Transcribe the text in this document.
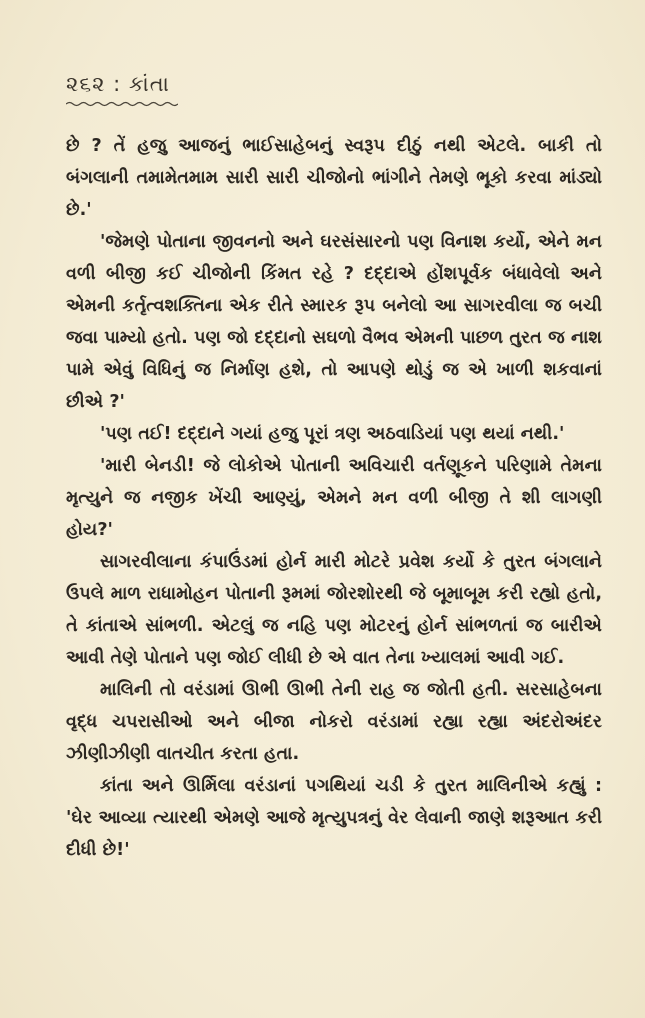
૨૬૨ : કાંતા

છે ? તેં હજુ આજનું ભાઈસાહેબનું સ્વરૂપ દીઠું નથી એટલે. બાકી તો બંગલાની તમામેતમામ સારી સારી ચીજોનો ભાંગીને તેમણે ભૂકો કરવા માંડ્યો છે.'

'જેમણે પોતાના જીવનનો અને ઘરસંસારનો પણ વિનાશ કર્યો, એને મન વળી બીજી કઈ ચીજોની કિંમત રહે ? દદ્દાએ હોંશપૂર્વક બંધાવેલો અને એમની કર્તૃત્વશક્તિના એક રીતે સ્મારક રૂપ બનેલો આ સાગરવીલા જ બચી જવા પામ્યો હતો. પણ જો દદ્દાનો સઘળો વૈભવ એમની પાછળ તુરત જ નાશ પામે એવું વિધિનું જ નિર્માણ હશે, તો આપણે થોડું જ એ ખાળી શકવાનાં છીએ ?'

'પણ તઈ! દદ્દાને ગયાં હજુ પૂરાં ત્રણ અઠવાડિયાં પણ થયાં નથી.'

'મારી બેનડી! જે લોકોએ પોતાની અવિચારી વર્તણૂકને પરિણામે તેમના મૃત્યુને જ નજીક ખેંચી આણ્યું, એમને મન વળી બીજી તે શી લાગણી હોય?'

સાગરવીલાના કંપાઉંડમાં હોર્ન મારી મોટરે પ્રવેશ કર્યો કે તુરત બંગલાને ઉપલે માળ રાધામોહન પોતાની રૂમમાં જોરશોરથી જે બૂમાબૂમ કરી રહ્યો હતો, તે કાંતાએ સાંભળી. એટલું જ નહિ પણ મોટરનું હોર્ન સાંભળતાં જ બારીએ આવી તેણે પોતાને પણ જોઈ લીધી છે એ વાત તેના ખ્યાલમાં આવી ગઈ.

માલિની તો વરંડામાં ઊભી ઊભી તેની રાહ જ જોતી હતી. સરસાહેબના વૃદ્ધ ચપરાસીઓ અને બીજા નોકરો વરંડામાં રહ્યા રહ્યા અંદરોઅંદર ઝીણીઝીણી વાતચીત કરતા હતા.

કાંતા અને ઊર્મિલા વરંડાનાં પગથિયાં ચડી કે તુરત માલિનીએ કહ્યું : 'ઘેર આવ્યા ત્યારથી એમણે આજે મૃત્યુપત્રનું વેર લેવાની જાણે શરૂઆત કરી દીધી છે!'
